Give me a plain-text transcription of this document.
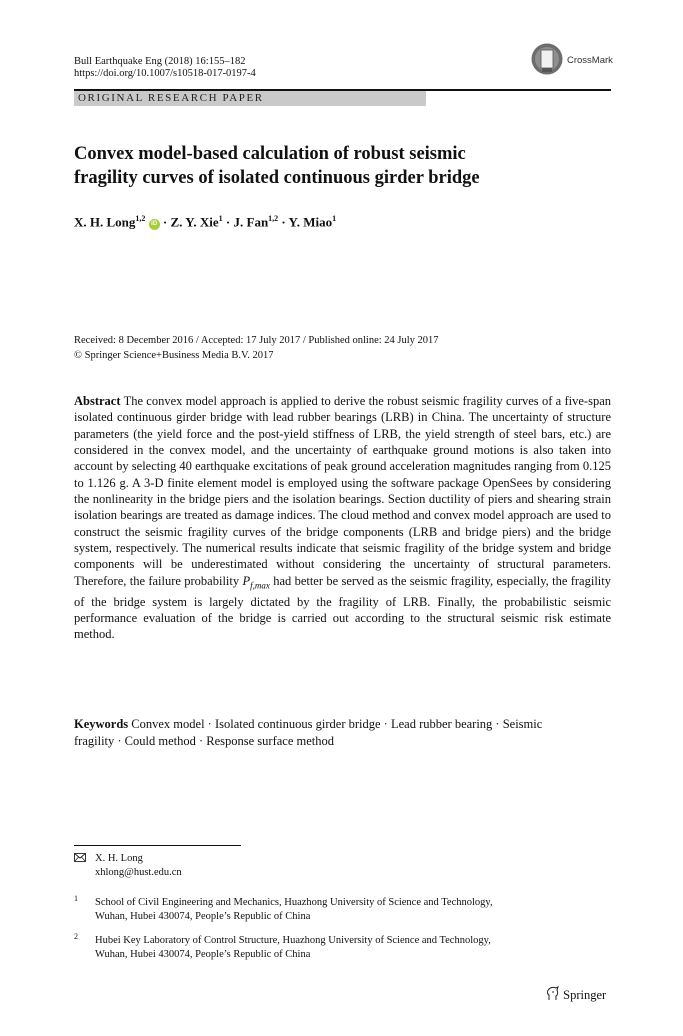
Bull Earthquake Eng (2018) 16:155–182
https://doi.org/10.1007/s10518-017-0197-4
CrossMark
ORIGINAL RESEARCH PAPER
Convex model-based calculation of robust seismic
fragility curves of isolated continuous girder bridge
X. H. Long$^{1,2}$ iD · Z. Y. Xie$^1$ · J. Fan$^{1,2}$ · Y. Miao$^1$
Received: 8 December 2016 / Accepted: 17 July 2017 / Published online: 24 July 2017
© Springer Science+Business Media B.V. 2017
Abstract The convex model approach is applied to derive the robust seismic fragility curves of a five-span isolated continuous girder bridge with lead rubber bearings (LRB) in China. The uncertainty of structure parameters (the yield force and the post-yield stiffness of LRB, the yield strength of steel bars, etc.) are considered in the convex model, and the uncertainty of earthquake ground motions is also taken into account by selecting 40 earthquake excitations of peak ground acceleration magnitudes ranging from 0.125 to 1.126 g. A 3-D finite element model is employed using the software package OpenSees by considering the nonlinearity in the bridge piers and the isolation bearings. Section ductility of piers and shearing strain isolation bearings are treated as damage indices. The cloud method and convex model approach are used to construct the seismic fragility curves of the bridge components (LRB and bridge piers) and the bridge system, respectively. The numerical results indicate that seismic fragility of the bridge system and bridge components will be underestimated without considering the uncertainty of structural parameters. Therefore, the failure probability $P_{f,max}$ had better be served as the seismic fragility, especially, the fragility of the bridge system is largely dictated by the fragility of LRB. Finally, the probabilistic seismic performance evaluation of the bridge is carried out according to the structural seismic risk estimate method.
Keywords Convex model · Isolated continuous girder bridge · Lead rubber bearing · Seismic fragility · Could method · Response surface method
X. H. Long
xhlong@hust.edu.cn
1 School of Civil Engineering and Mechanics, Huazhong University of Science and Technology,
Wuhan, Hubei 430074, People’s Republic of China
2 Hubei Key Laboratory of Control Structure, Huazhong University of Science and Technology,
Wuhan, Hubei 430074, People’s Republic of China
Springer
